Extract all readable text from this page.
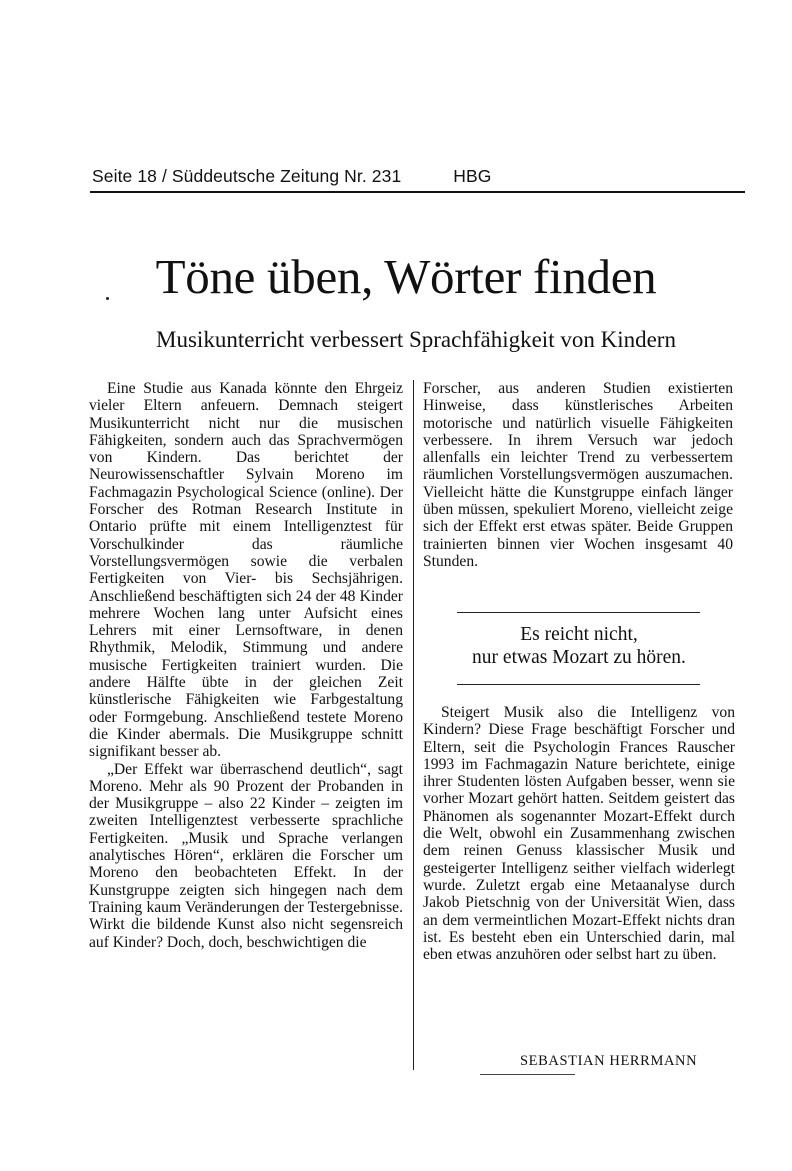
Seite 18 / Süddeutsche Zeitung Nr. 231	HBG
Töne üben, Wörter finden
Musikunterricht verbessert Sprachfähigkeit von Kindern

Eine Studie aus Kanada könnte den Ehrgeiz vieler Eltern anfeuern. Demnach steigert Musikunterricht nicht nur die musischen Fähigkeiten, sondern auch das Sprachvermögen von Kindern. Das berichtet der Neurowissenschaftler Sylvain Moreno im Fachmagazin Psychological Science (online). Der Forscher des Rotman Research Institute in Ontario prüfte mit einem Intelligenztest für Vorschulkinder das räumliche Vorstellungsvermögen sowie die verbalen Fertigkeiten von Vier- bis Sechsjährigen. Anschließend beschäftigten sich 24 der 48 Kinder mehrere Wochen lang unter Aufsicht eines Lehrers mit einer Lernsoftware, in denen Rhythmik, Melodik, Stimmung und andere musische Fertigkeiten trainiert wurden. Die andere Hälfte übte in der gleichen Zeit künstlerische Fähigkeiten wie Farbgestaltung oder Formgebung. Anschließend testete Moreno die Kinder abermals. Die Musikgruppe schnitt signifikant besser ab.

„Der Effekt war überraschend deutlich“, sagt Moreno. Mehr als 90 Prozent der Probanden in der Musikgruppe – also 22 Kinder – zeigten im zweiten Intelligenztest verbesserte sprachliche Fertigkeiten. „Musik und Sprache verlangen analytisches Hören“, erklären die Forscher um Moreno den beobachteten Effekt. In der Kunstgruppe zeigten sich hingegen nach dem Training kaum Veränderungen der Testergebnisse. Wirkt die bildende Kunst also nicht segensreich auf Kinder? Doch, doch, beschwichtigen die

Forscher, aus anderen Studien existierten Hinweise, dass künstlerisches Arbeiten motorische und natürlich visuelle Fähigkeiten verbessere. In ihrem Versuch war jedoch allenfalls ein leichter Trend zu verbessertem räumlichen Vorstellungsvermögen auszumachen. Vielleicht hätte die Kunstgruppe einfach länger üben müssen, spekuliert Moreno, vielleicht zeige sich der Effekt erst etwas später. Beide Gruppen trainierten binnen vier Wochen insgesamt 40 Stunden.

Es reicht nicht,
nur etwas Mozart zu hören.

Steigert Musik also die Intelligenz von Kindern? Diese Frage beschäftigt Forscher und Eltern, seit die Psychologin Frances Rauscher 1993 im Fachmagazin Nature berichtete, einige ihrer Studenten lösten Aufgaben besser, wenn sie vorher Mozart gehört hatten. Seitdem geistert das Phänomen als sogenannter Mozart-Effekt durch die Welt, obwohl ein Zusammenhang zwischen dem reinen Genuss klassischer Musik und gesteigerter Intelligenz seither vielfach widerlegt wurde. Zuletzt ergab eine Metaanalyse durch Jakob Pietschnig von der Universität Wien, dass an dem vermeintlichen Mozart-Effekt nichts dran ist. Es besteht eben ein Unterschied darin, mal eben etwas anzuhören oder selbst hart zu üben.

SEBASTIAN HERRMANN
